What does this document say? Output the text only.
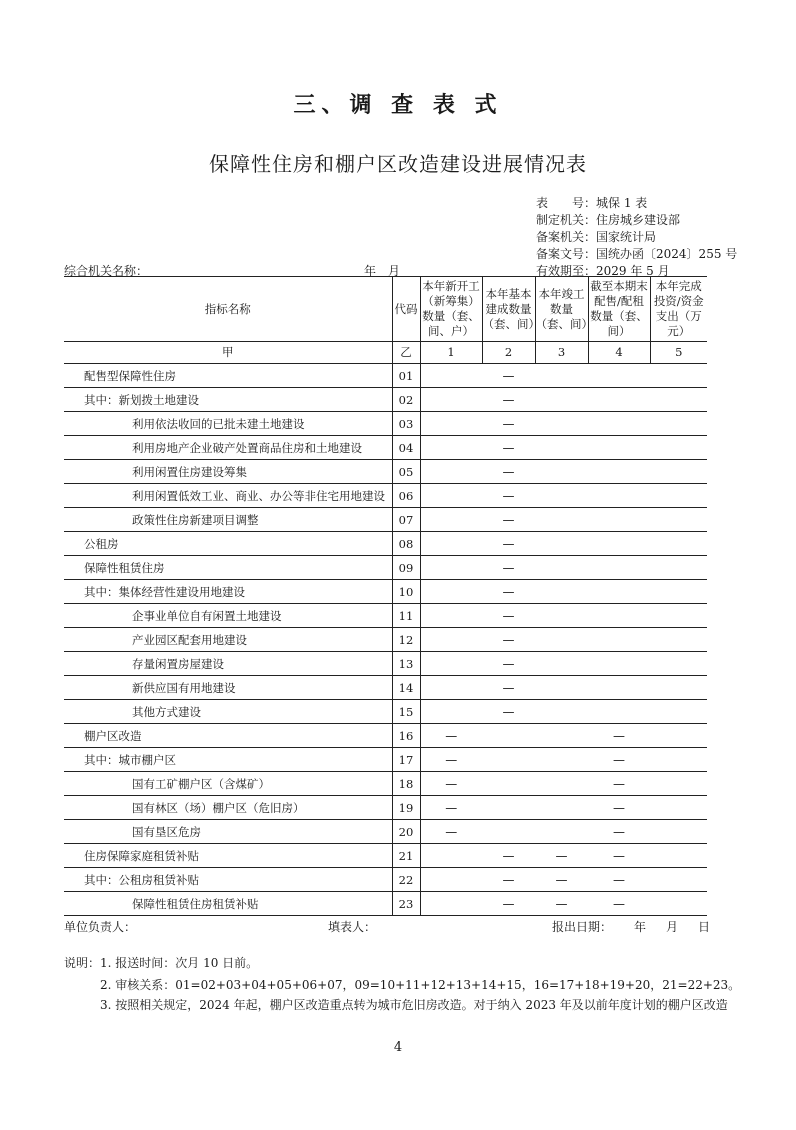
三、调 查 表 式
保障性住房和棚户区改造建设进展情况表
表　　号：城保 1 表
制定机关：住房城乡建设部
备案机关：国家统计局
备案文号：国统办函〔2024〕255 号
有效期至：2029 年 5 月
综合机关名称：	年　月
指标名称	代码	本年新开工（新筹集）数量（套、间、户）	本年基本建成数量（套、间）	本年竣工数量（套、间）	截至本期末配售/配租数量（套、间）	本年完成投资/资金支出（万元）
甲	乙	1	2	3	4	5
配售型保障性住房	01		—			
其中：新划拨土地建设	02		—			
利用依法收回的已批未建土地建设	03		—			
利用房地产企业破产处置商品住房和土地建设	04		—			
利用闲置住房建设筹集	05		—			
利用闲置低效工业、商业、办公等非住宅用地建设	06		—			
政策性住房新建项目调整	07		—			
公租房	08		—			
保障性租赁住房	09		—			
其中：集体经营性建设用地建设	10		—			
企事业单位自有闲置土地建设	11		—			
产业园区配套用地建设	12		—			
存量闲置房屋建设	13		—			
新供应国有用地建设	14		—			
其他方式建设	15		—			
棚户区改造	16	—			—	
其中：城市棚户区	17	—			—	
国有工矿棚户区（含煤矿）	18	—			—	
国有林区（场）棚户区（危旧房）	19	—			—	
国有垦区危房	20	—			—	
住房保障家庭租赁补贴	21		—	—	—	
其中：公租房租赁补贴	22		—	—	—	
保障性租赁住房租赁补贴	23		—	—	—	
单位负责人：	填表人：	报出日期： 年 月 日
说明：1. 报送时间：次月 10 日前。
2. 审核关系：01=02+03+04+05+06+07，09=10+11+12+13+14+15，16=17+18+19+20，21=22+23。
3. 按照相关规定，2024 年起，棚户区改造重点转为城市危旧房改造。对于纳入 2023 年及以前年度计划的棚户区改造
4
